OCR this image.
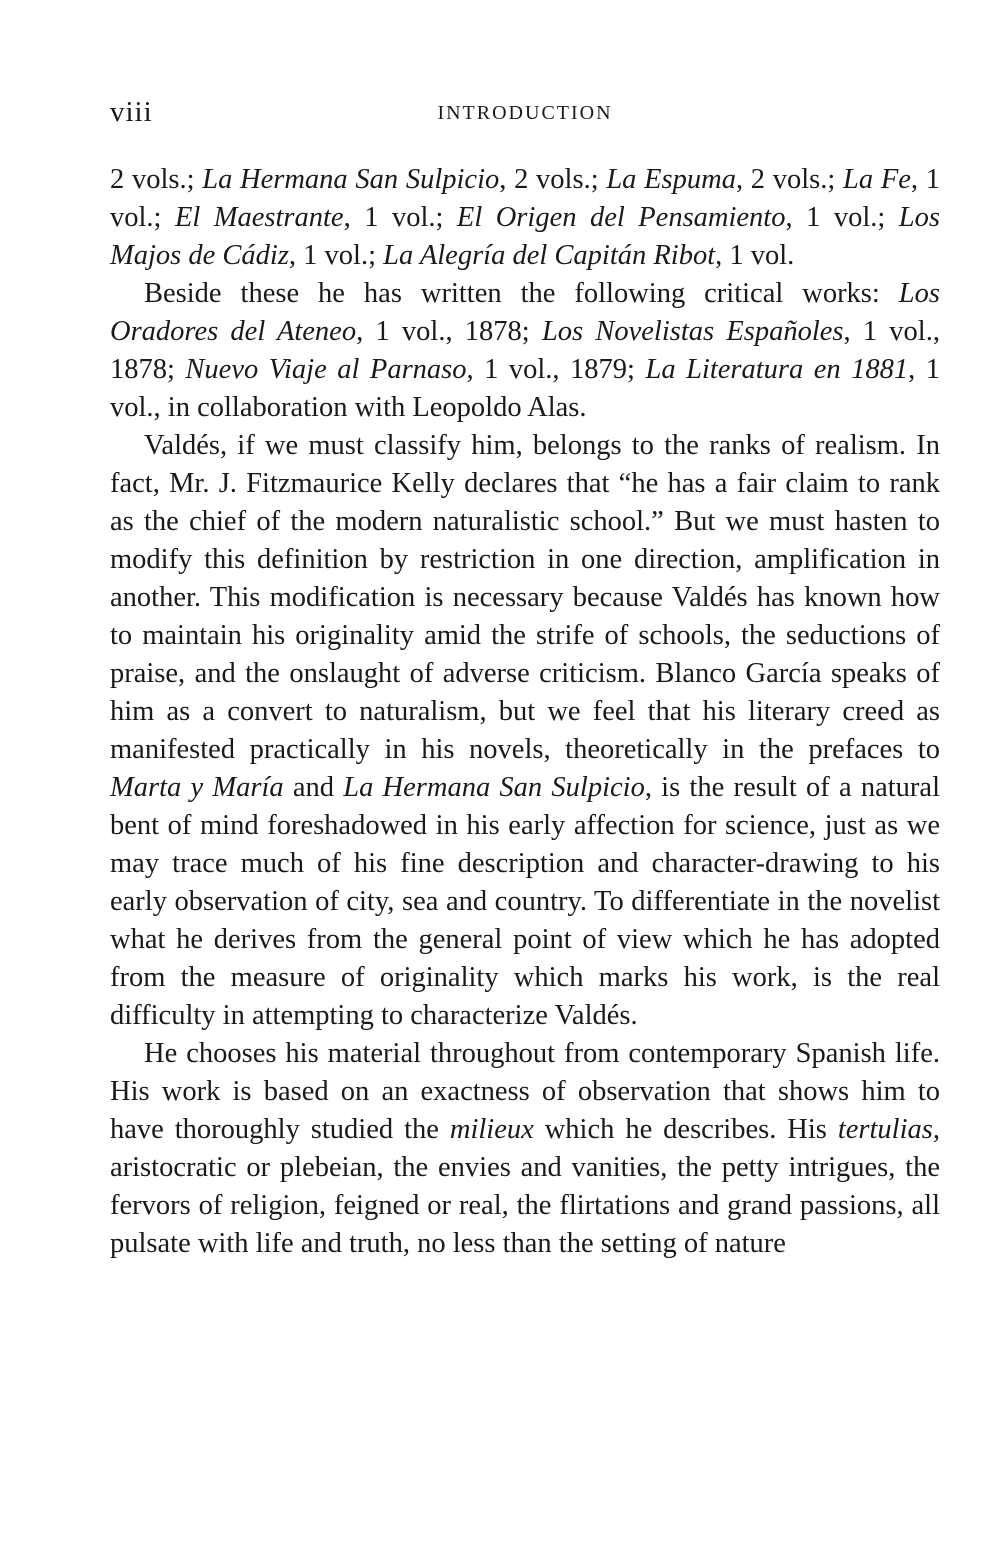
viii	INTRODUCTION

2 vols.; La Hermana San Sulpicio, 2 vols.; La Espuma, 2 vols.; La Fe, 1 vol.; El Maestrante, 1 vol.; El Origen del Pensamiento, 1 vol.; Los Majos de Cádiz, 1 vol.; La Alegría del Capitán Ribot, 1 vol.

Beside these he has written the following critical works: Los Oradores del Ateneo, 1 vol., 1878; Los Novelistas Españoles, 1 vol., 1878; Nuevo Viaje al Parnaso, 1 vol., 1879; La Literatura en 1881, 1 vol., in collaboration with Leopoldo Alas.

Valdés, if we must classify him, belongs to the ranks of realism. In fact, Mr. J. Fitzmaurice Kelly declares that “he has a fair claim to rank as the chief of the modern naturalistic school.” But we must hasten to modify this definition by restriction in one direction, amplification in another. This modification is necessary because Valdés has known how to maintain his originality amid the strife of schools, the seductions of praise, and the onslaught of adverse criticism. Blanco García speaks of him as a convert to naturalism, but we feel that his literary creed as manifested practically in his novels, theoretically in the prefaces to Marta y María and La Hermana San Sulpicio, is the result of a natural bent of mind foreshadowed in his early affection for science, just as we may trace much of his fine description and character-drawing to his early observation of city, sea and country. To differentiate in the novelist what he derives from the general point of view which he has adopted from the measure of originality which marks his work, is the real difficulty in attempting to characterize Valdés.

He chooses his material throughout from contemporary Spanish life. His work is based on an exactness of observation that shows him to have thoroughly studied the milieux which he describes. His tertulias, aristocratic or plebeian, the envies and vanities, the petty intrigues, the fervors of religion, feigned or real, the flirtations and grand passions, all pulsate with life and truth, no less than the setting of nature
